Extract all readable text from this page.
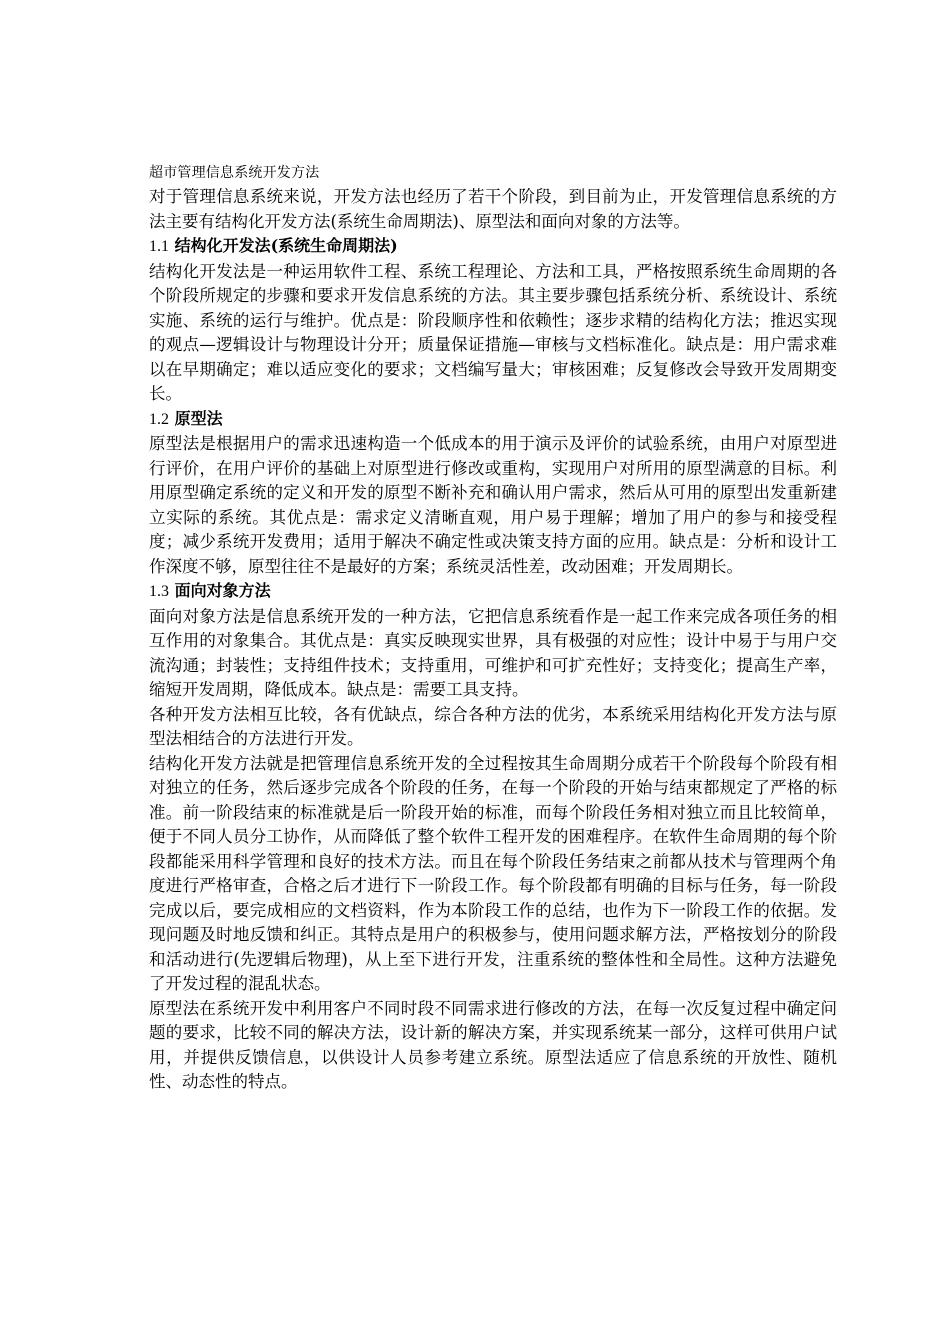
超市管理信息系统开发方法

对于管理信息系统来说，开发方法也经历了若干个阶段，到目前为止，开发管理信息系统的方法主要有结构化开发方法(系统生命周期法)、原型法和面向对象的方法等。

1.1 结构化开发法(系统生命周期法)

结构化开发法是一种运用软件工程、系统工程理论、方法和工具，严格按照系统生命周期的各个阶段所规定的步骤和要求开发信息系统的方法。其主要步骤包括系统分析、系统设计、系统实施、系统的运行与维护。优点是：阶段顺序性和依赖性；逐步求精的结构化方法；推迟实现的观点—逻辑设计与物理设计分开；质量保证措施—审核与文档标准化。缺点是：用户需求难以在早期确定；难以适应变化的要求；文档编写量大；审核困难；反复修改会导致开发周期变长。

1.2 原型法

原型法是根据用户的需求迅速构造一个低成本的用于演示及评价的试验系统，由用户对原型进行评价，在用户评价的基础上对原型进行修改或重构，实现用户对所用的原型满意的目标。利用原型确定系统的定义和开发的原型不断补充和确认用户需求，然后从可用的原型出发重新建立实际的系统。其优点是：需求定义清晰直观，用户易于理解；增加了用户的参与和接受程度；减少系统开发费用；适用于解决不确定性或决策支持方面的应用。缺点是：分析和设计工作深度不够，原型往往不是最好的方案；系统灵活性差，改动困难；开发周期长。

1.3 面向对象方法

面向对象方法是信息系统开发的一种方法，它把信息系统看作是一起工作来完成各项任务的相互作用的对象集合。其优点是：真实反映现实世界，具有极强的对应性；设计中易于与用户交流沟通；封装性；支持组件技术；支持重用，可维护和可扩充性好；支持变化；提高生产率，缩短开发周期，降低成本。缺点是：需要工具支持。

各种开发方法相互比较，各有优缺点，综合各种方法的优劣，本系统采用结构化开发方法与原型法相结合的方法进行开发。

结构化开发方法就是把管理信息系统开发的全过程按其生命周期分成若干个阶段每个阶段有相对独立的任务，然后逐步完成各个阶段的任务，在每一个阶段的开始与结束都规定了严格的标准。前一阶段结束的标准就是后一阶段开始的标准，而每个阶段任务相对独立而且比较简单，便于不同人员分工协作，从而降低了整个软件工程开发的困难程序。在软件生命周期的每个阶段都能采用科学管理和良好的技术方法。而且在每个阶段任务结束之前都从技术与管理两个角度进行严格审查，合格之后才进行下一阶段工作。每个阶段都有明确的目标与任务，每一阶段完成以后，要完成相应的文档资料，作为本阶段工作的总结，也作为下一阶段工作的依据。发现问题及时地反馈和纠正。其特点是用户的积极参与，使用问题求解方法，严格按划分的阶段和活动进行(先逻辑后物理)，从上至下进行开发，注重系统的整体性和全局性。这种方法避免了开发过程的混乱状态。

原型法在系统开发中利用客户不同时段不同需求进行修改的方法，在每一次反复过程中确定问题的要求，比较不同的解决方法，设计新的解决方案，并实现系统某一部分，这样可供用户试用，并提供反馈信息，以供设计人员参考建立系统。原型法适应了信息系统的开放性、随机性、动态性的特点。
